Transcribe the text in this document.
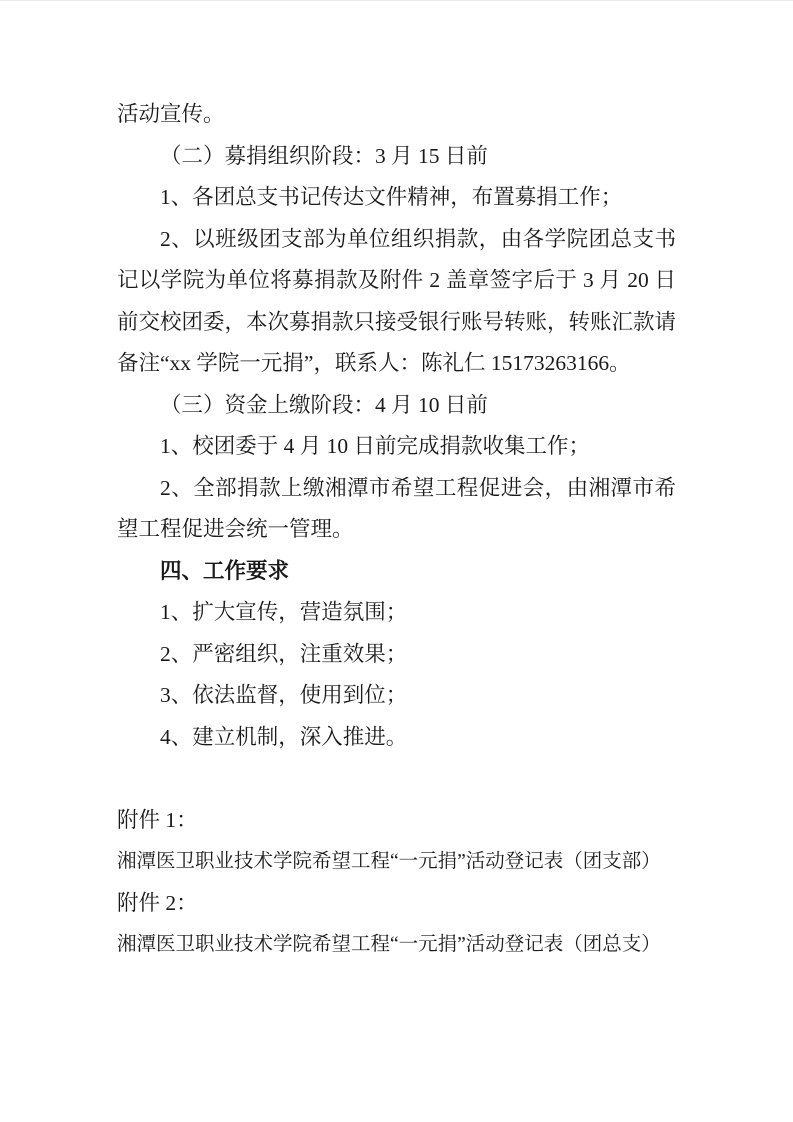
活动宣传。

（二）募捐组织阶段：3 月 15 日前

1、各团总支书记传达文件精神，布置募捐工作；

2、以班级团支部为单位组织捐款，由各学院团总支书记以学院为单位将募捐款及附件 2 盖章签字后于 3 月 20 日前交校团委，本次募捐款只接受银行账号转账，转账汇款请备注“xx 学院一元捐”，联系人：陈礼仁 15173263166。

（三）资金上缴阶段：4 月 10 日前

1、校团委于 4 月 10 日前完成捐款收集工作；

2、全部捐款上缴湘潭市希望工程促进会，由湘潭市希望工程促进会统一管理。

四、工作要求

1、扩大宣传，营造氛围；

2、严密组织，注重效果；

3、依法监督，使用到位；

4、建立机制，深入推进。

附件 1：

湘潭医卫职业技术学院希望工程“一元捐”活动登记表（团支部）

附件 2：

湘潭医卫职业技术学院希望工程“一元捐”活动登记表（团总支）
